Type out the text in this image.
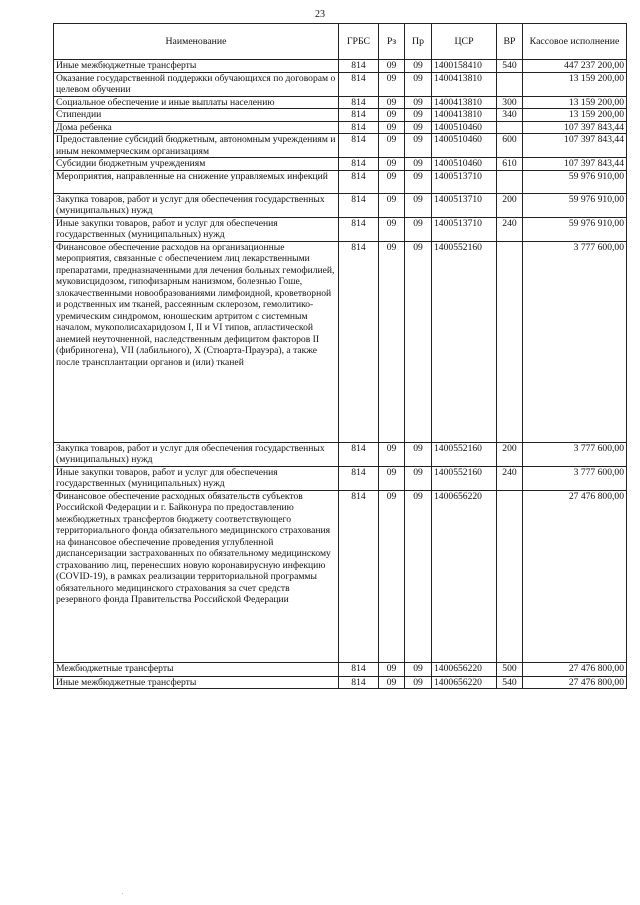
23
Наименование	ГРБС	Рз	Пр	ЦСР	ВР	Кассовое исполнение
Иные межбюджетные трансферты	814	09	09	1400158410	540	447 237 200,00
Оказание государственной поддержки обучающихся по договорам о целевом обучении	814	09	09	1400413810		13 159 200,00
Социальное обеспечение и иные выплаты населению	814	09	09	1400413810	300	13 159 200,00
Стипендии	814	09	09	1400413810	340	13 159 200,00
Дома ребенка	814	09	09	1400510460		107 397 843,44
Предоставление субсидий бюджетным, автономным учреждениям и иным некоммерческим организациям	814	09	09	1400510460	600	107 397 843,44
Субсидии бюджетным учреждениям	814	09	09	1400510460	610	107 397 843,44
Мероприятия, направленные на снижение управляемых инфекций	814	09	09	1400513710		59 976 910,00
Закупка товаров, работ и услуг для обеспечения государственных (муниципальных) нужд	814	09	09	1400513710	200	59 976 910,00
Иные закупки товаров, работ и услуг для обеспечения государственных (муниципальных) нужд	814	09	09	1400513710	240	59 976 910,00
Финансовое обеспечение расходов на организационные мероприятия, связанные с обеспечением лиц лекарственными препаратами, предназначенными для лечения больных гемофилией, муковисцидозом, гипофизарным нанизмом, болезнью Гоше, злокачественными новообразованиями лимфоидной, кроветворной и родственных им тканей, рассеянным склерозом, гемолитико-уремическим синдромом, юношеским артритом с системным началом, мукополисахаридозом I, II и VI типов, апластической анемией неуточненной, наследственным дефицитом факторов II (фибриногена), VII (лабильного), X (Стюарта-Прауэра), а также после трансплантации органов и (или) тканей	814	09	09	1400552160		3 777 600,00
Закупка товаров, работ и услуг для обеспечения государственных (муниципальных) нужд	814	09	09	1400552160	200	3 777 600,00
Иные закупки товаров, работ и услуг для обеспечения государственных (муниципальных) нужд	814	09	09	1400552160	240	3 777 600,00
Финансовое обеспечение расходных обязательств субъектов Российской Федерации и г. Байконура по предоставлению межбюджетных трансфертов бюджету соответствующего территориального фонда обязательного медицинского страхования на финансовое обеспечение проведения углубленной диспансеризации застрахованных по обязательному медицинскому страхованию лиц, перенесших новую коронавирусную инфекцию (COVID-19), в рамках реализации территориальной программы обязательного медицинского страхования за счет средств резервного фонда Правительства Российской Федерации	814	09	09	1400656220		27 476 800,00
Межбюджетные трансферты	814	09	09	1400656220	500	27 476 800,00
Иные межбюджетные трансферты	814	09	09	1400656220	540	27 476 800,00
